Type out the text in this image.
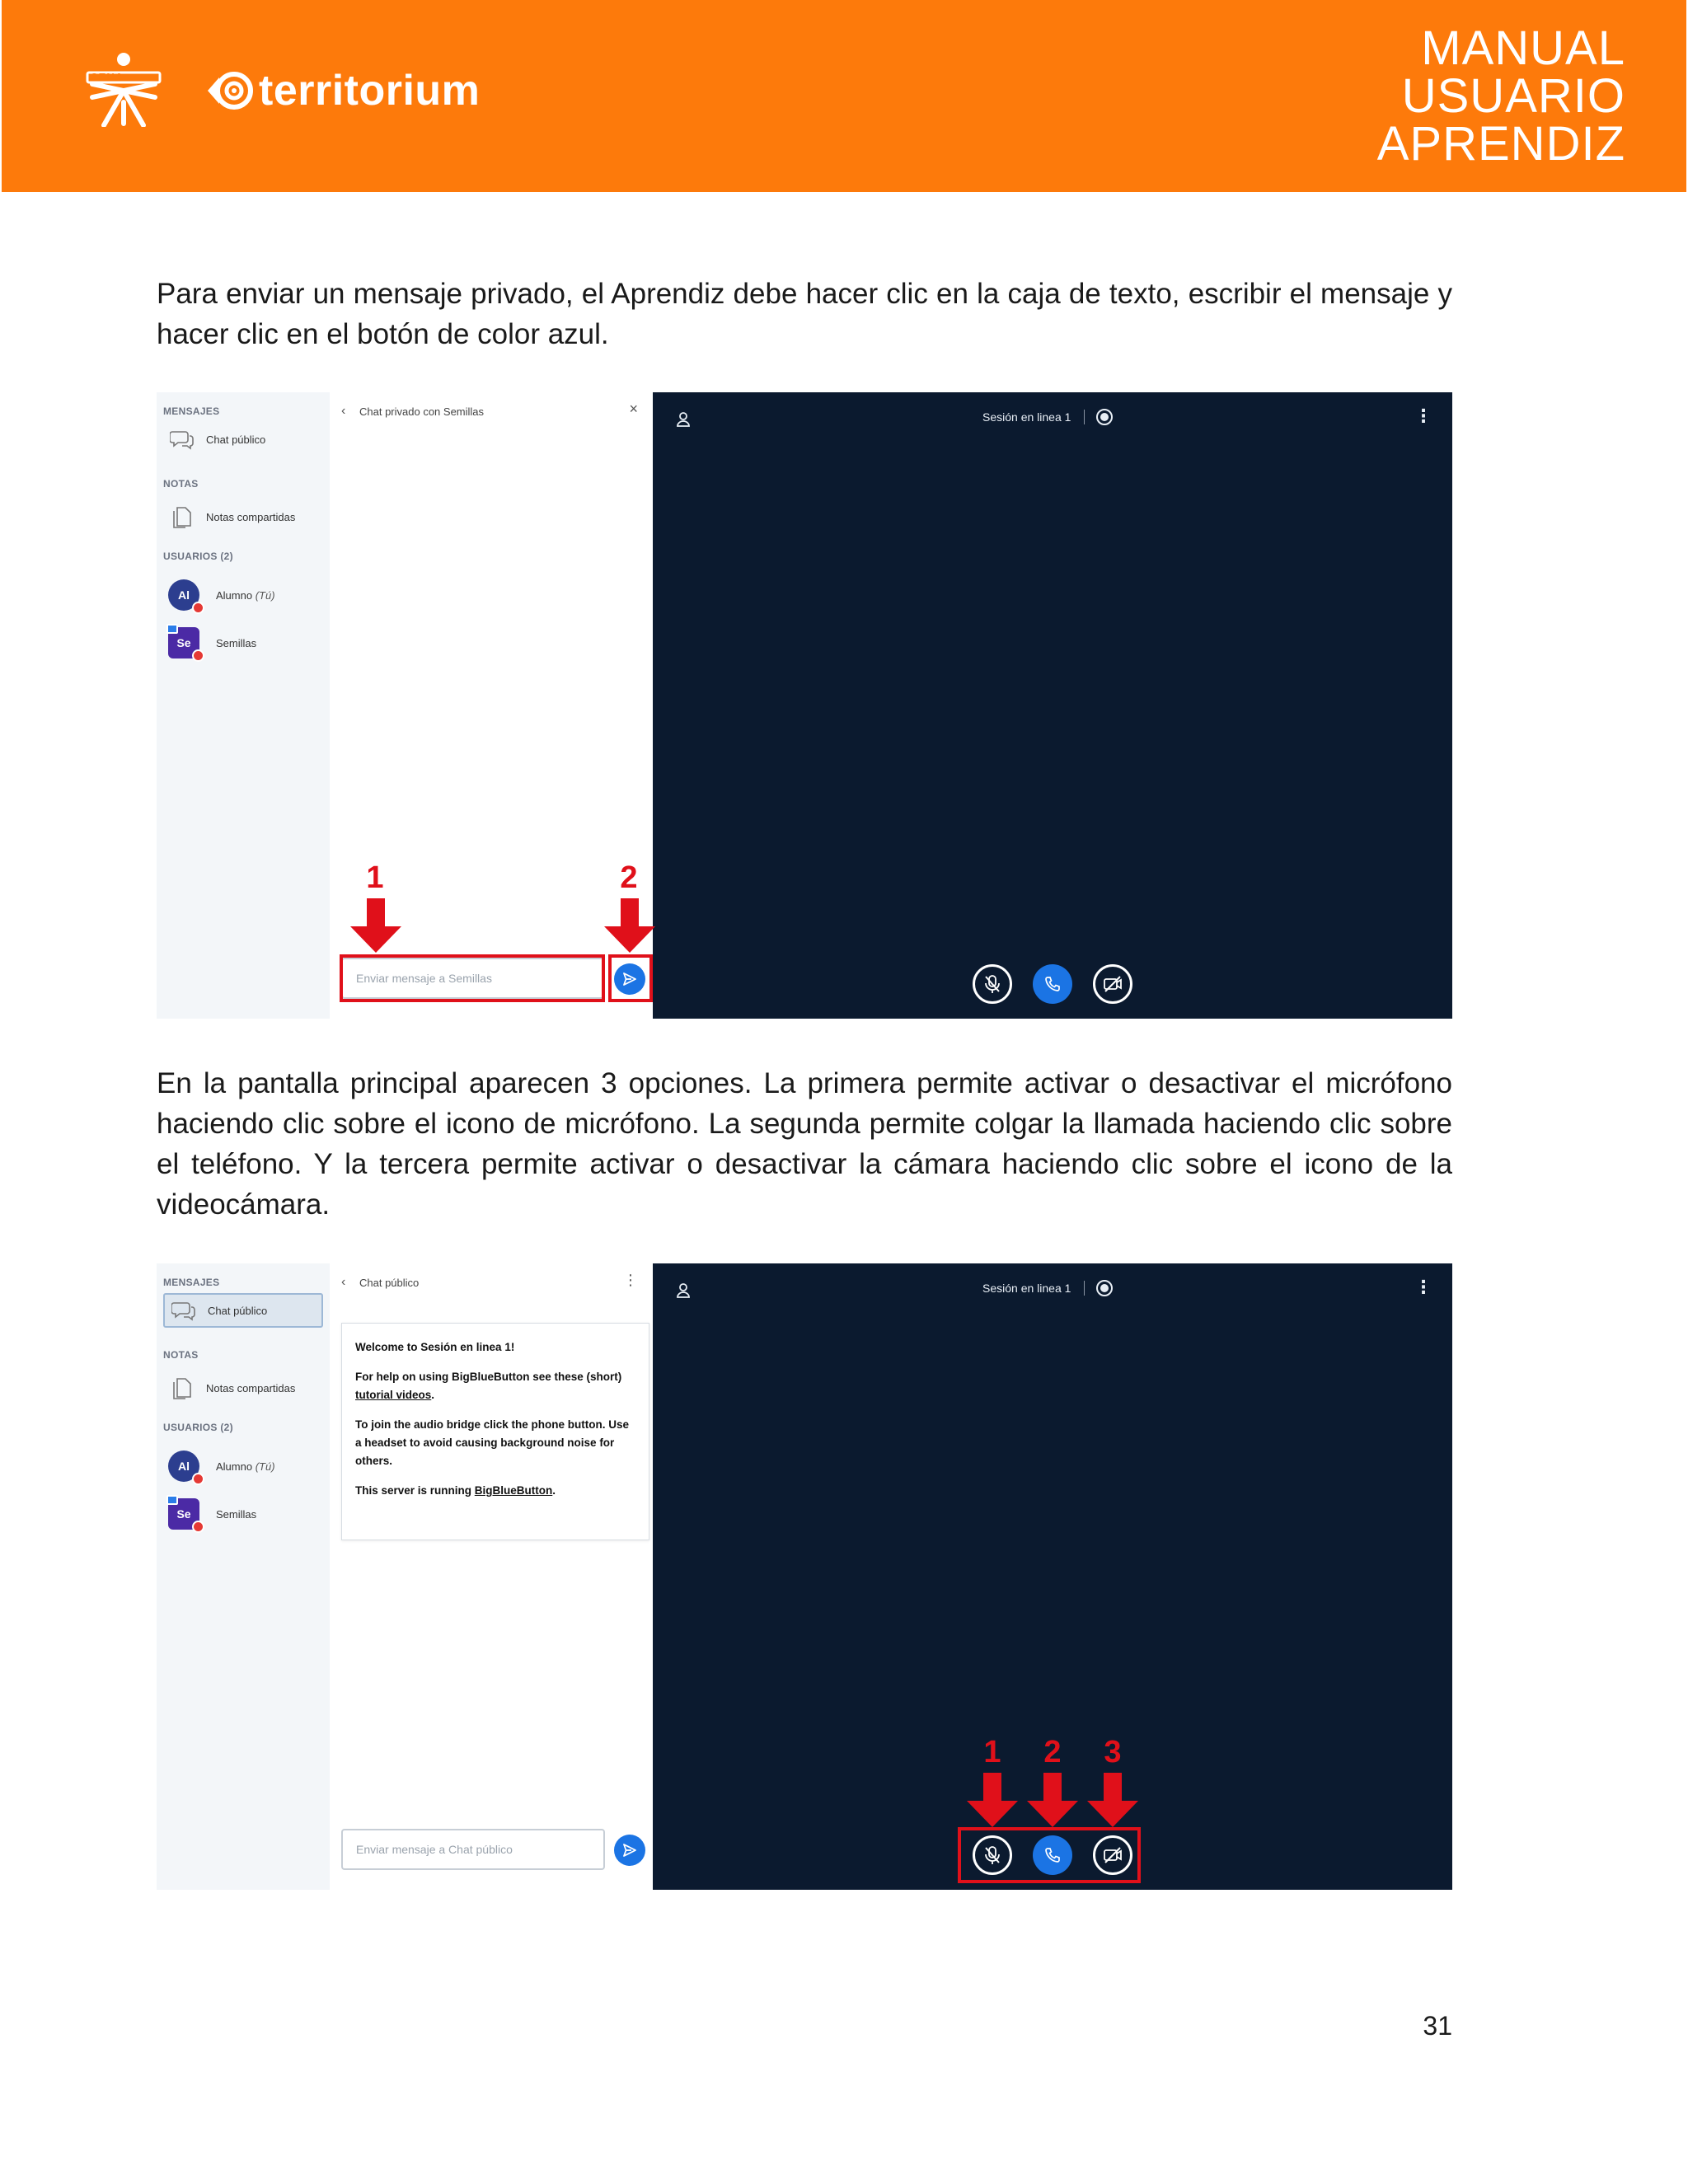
SENA	territorium
MANUAL
USUARIO
APRENDIZ

Para enviar un mensaje privado, el Aprendiz debe hacer clic en la caja de texto, escribir el mensaje y hacer clic en el botón de color azul.

MENSAJES
Chat público
NOTAS
Notas compartidas
USUARIOS (2)
Al Alumno (Tú)
Se Semillas
‹	Chat privado con Semillas	×
Enviar mensaje a Semillas
Sesión en linea 1	⋮
1	2

En la pantalla principal aparecen 3 opciones. La primera permite activar o desactivar el micrófono haciendo clic sobre el icono de micrófono. La segunda permite colgar la llamada haciendo clic sobre el teléfono. Y la tercera permite activar o desactivar la cámara haciendo clic sobre el icono de la videocámara.

MENSAJES
Chat público
NOTAS
Notas compartidas
USUARIOS (2)
Al Alumno (Tú)
Se Semillas
‹	Chat público	⋮

Welcome to Sesión en linea 1!

For help on using BigBlueButton see these (short) tutorial videos.

To join the audio bridge click the phone button. Use a headset to avoid causing background noise for others.

This server is running BigBlueButton.

Enviar mensaje a Chat público
Sesión en linea 1	⋮
1 2 3
31
